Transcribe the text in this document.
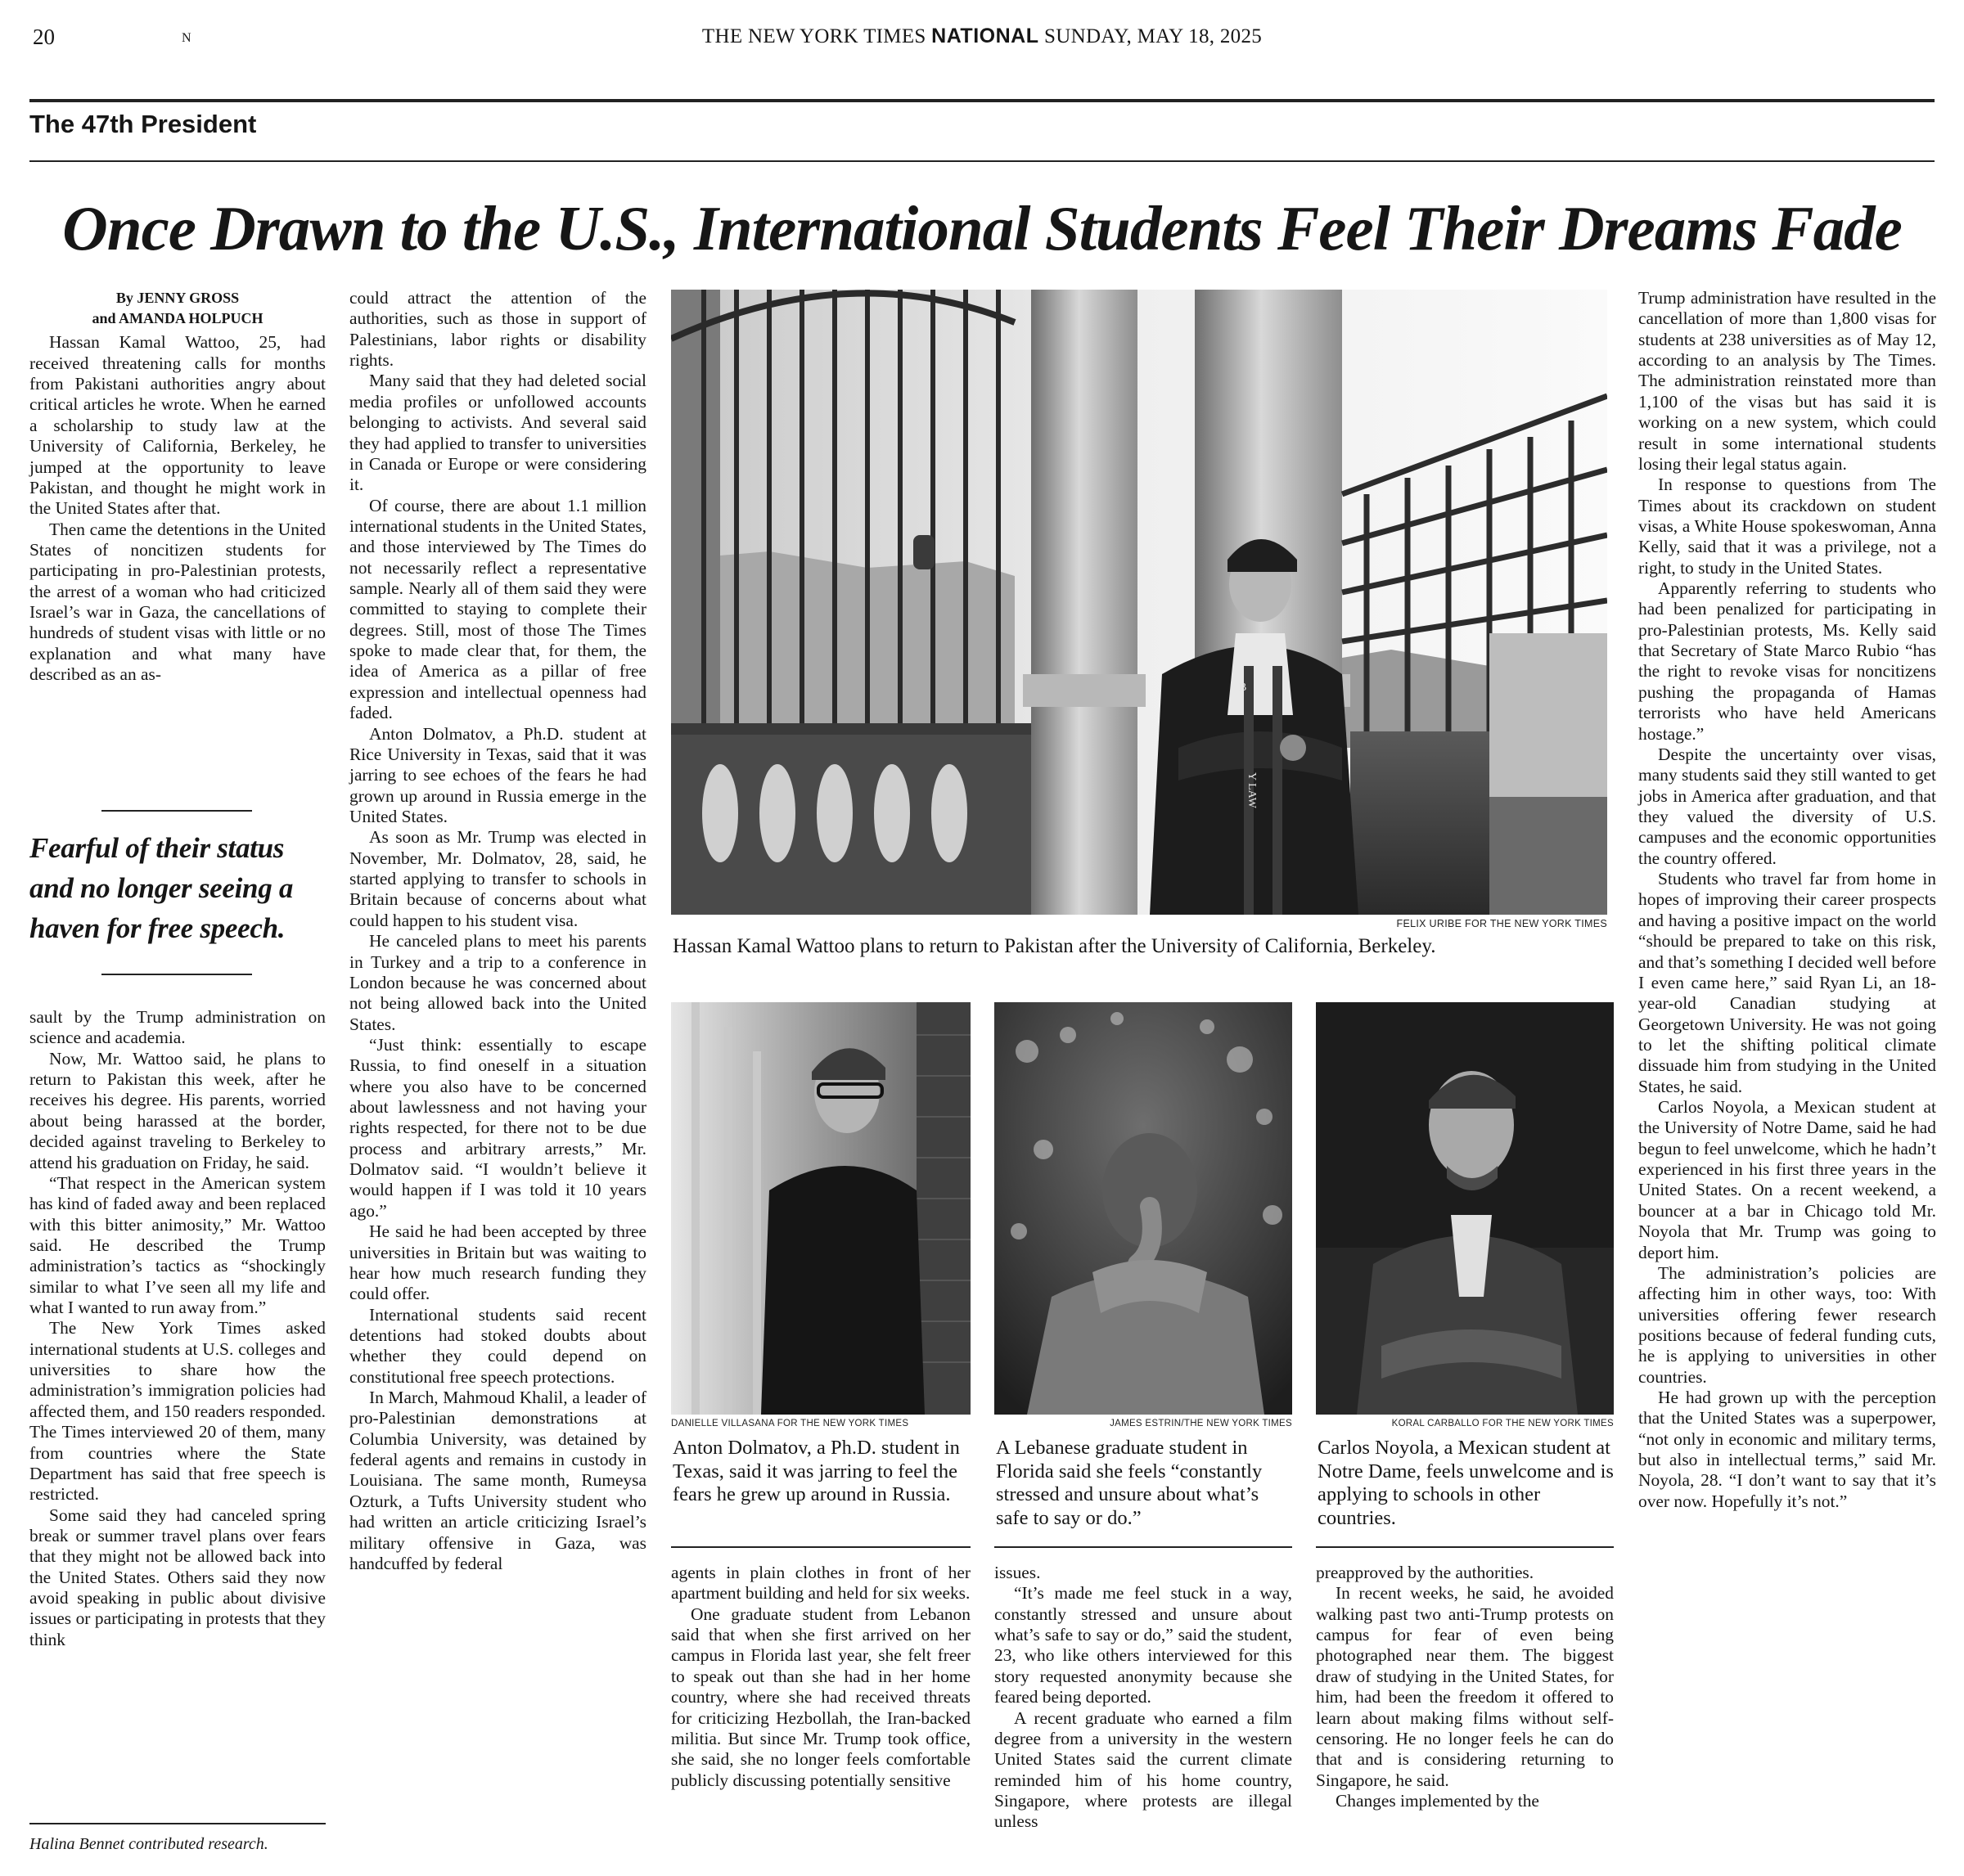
20	N	THE NEW YORK TIMES NATIONAL SUNDAY, MAY 18, 2025
The 47th President
Once Drawn to the U.S., International Students Feel Their Dreams Fade
By JENNY GROSS
and AMANDA HOLPUCH

Hassan Kamal Wattoo, 25, had received threatening calls for months from Pakistani authorities angry about critical articles he wrote. When he earned a scholarship to study law at the University of California, Berkeley, he jumped at the opportunity to leave Pakistan, and thought he might work in the United States after that.

Then came the detentions in the United States of noncitizen students for participating in pro-Palestinian protests, the arrest of a woman who had criticized Israel’s war in Gaza, the cancellations of hundreds of student visas with little or no explanation and what many have described as an as-

Fearful of their status and no longer seeing a haven for free speech.

sault by the Trump administration on science and academia.

Now, Mr. Wattoo said, he plans to return to Pakistan this week, after he receives his degree. His parents, worried about being harassed at the border, decided against traveling to Berkeley to attend his graduation on Friday, he said.

“That respect in the American system has kind of faded away and been replaced with this bitter animosity,” Mr. Wattoo said. He described the Trump administration’s tactics as “shockingly similar to what I’ve seen all my life and what I wanted to run away from.”

The New York Times asked international students at U.S. colleges and universities to share how the administration’s immigration policies had affected them, and 150 readers responded. The Times interviewed 20 of them, many from countries where the State Department has said that free speech is restricted.

Some said they had canceled spring break or summer travel plans over fears that they might not be allowed back into the United States. Others said they now avoid speaking in public about divisive issues or participating in protests that they think

Halina Bennet contributed research.

could attract the attention of the authorities, such as those in support of Palestinians, labor rights or disability rights.

Many said that they had deleted social media profiles or unfollowed accounts belonging to activists. And several said they had applied to transfer to universities in Canada or Europe or were considering it.

Of course, there are about 1.1 million international students in the United States, and those interviewed by The Times do not necessarily reflect a representative sample. Nearly all of them said they were committed to staying to complete their degrees. Still, most of those The Times spoke to made clear that, for them, the idea of America as a pillar of free expression and intellectual openness had faded.

Anton Dolmatov, a Ph.D. student at Rice University in Texas, said that it was jarring to see echoes of the fears he had grown up around in Russia emerge in the United States.

As soon as Mr. Trump was elected in November, Mr. Dolmatov, 28, said, he started applying to transfer to schools in Britain because of concerns about what could happen to his student visa.

He canceled plans to meet his parents in Turkey and a trip to a conference in London because he was concerned about not being allowed back into the United States.

“Just think: essentially to escape Russia, to find oneself in a situation where you also have to be concerned about lawlessness and not having your rights respected, for there not to be due process and arbitrary arrests,” Mr. Dolmatov said. “I wouldn’t believe it would happen if I was told it 10 years ago.”

He said he had been accepted by three universities in Britain but was waiting to hear how much research funding they could offer.

International students said recent detentions had stoked doubts about whether they could depend on constitutional free speech protections.

In March, Mahmoud Khalil, a leader of pro-Palestinian demonstrations at Columbia University, was detained by federal agents and remains in custody in Louisiana. The same month, Rumeysa Ozturk, a Tufts University student who had written an article criticizing Israel’s military offensive in Gaza, was handcuffed by federal

B
Y LAW
FELIX URIBE FOR THE NEW YORK TIMES
Hassan Kamal Wattoo plans to return to Pakistan after the University of California, Berkeley.
DANIELLE VILLASANA FOR THE NEW YORK TIMES
Anton Dolmatov, a Ph.D. student in Texas, said it was jarring to feel the fears he grew up around in Russia.
JAMES ESTRIN/THE NEW YORK TIMES
A Lebanese graduate student in Florida said she feels “constantly stressed and unsure about what’s safe to say or do.”
KORAL CARBALLO FOR THE NEW YORK TIMES
Carlos Noyola, a Mexican student at Notre Dame, feels unwelcome and is applying to schools in other countries.

agents in plain clothes in front of her apartment building and held for six weeks.

One graduate student from Lebanon said that when she first arrived on her campus in Florida last year, she felt freer to speak out than she had in her home country, where she had received threats for criticizing Hezbollah, the Iran-backed militia. But since Mr. Trump took office, she said, she no longer feels comfortable publicly discussing potentially sensitive

issues.

“It’s made me feel stuck in a way, constantly stressed and unsure about what’s safe to say or do,” said the student, 23, who like others interviewed for this story requested anonymity because she feared being deported.

A recent graduate who earned a film degree from a university in the western United States said the current climate reminded him of his home country, Singapore, where protests are illegal unless

preapproved by the authorities.

In recent weeks, he said, he avoided walking past two anti-Trump protests on campus for fear of even being photographed near them. The biggest draw of studying in the United States, for him, had been the freedom it offered to learn about making films without self-censoring. He no longer feels he can do that and is considering returning to Singapore, he said.

Changes implemented by the

Trump administration have resulted in the cancellation of more than 1,800 visas for students at 238 universities as of May 12, according to an analysis by The Times. The administration reinstated more than 1,100 of the visas but has said it is working on a new system, which could result in some international students losing their legal status again.

In response to questions from The Times about its crackdown on student visas, a White House spokeswoman, Anna Kelly, said that it was a privilege, not a right, to study in the United States.

Apparently referring to students who had been penalized for participating in pro-Palestinian protests, Ms. Kelly said that Secretary of State Marco Rubio “has the right to revoke visas for noncitizens pushing the propaganda of Hamas terrorists who have held Americans hostage.”

Despite the uncertainty over visas, many students said they still wanted to get jobs in America after graduation, and that they valued the diversity of U.S. campuses and the economic opportunities the country offered.

Students who travel far from home in hopes of improving their career prospects and having a positive impact on the world “should be prepared to take on this risk, and that’s something I decided well before I even came here,” said Ryan Li, an 18-year-old Canadian studying at Georgetown University. He was not going to let the shifting political climate dissuade him from studying in the United States, he said.

Carlos Noyola, a Mexican student at the University of Notre Dame, said he had begun to feel unwelcome, which he hadn’t experienced in his first three years in the United States. On a recent weekend, a bouncer at a bar in Chicago told Mr. Noyola that Mr. Trump was going to deport him.

The administration’s policies are affecting him in other ways, too: With universities offering fewer research positions because of federal funding cuts, he is applying to universities in other countries.

He had grown up with the perception that the United States was a superpower, “not only in economic and military terms, but also in intellectual terms,” said Mr. Noyola, 28. “I don’t want to say that it’s over now. Hopefully it’s not.”
